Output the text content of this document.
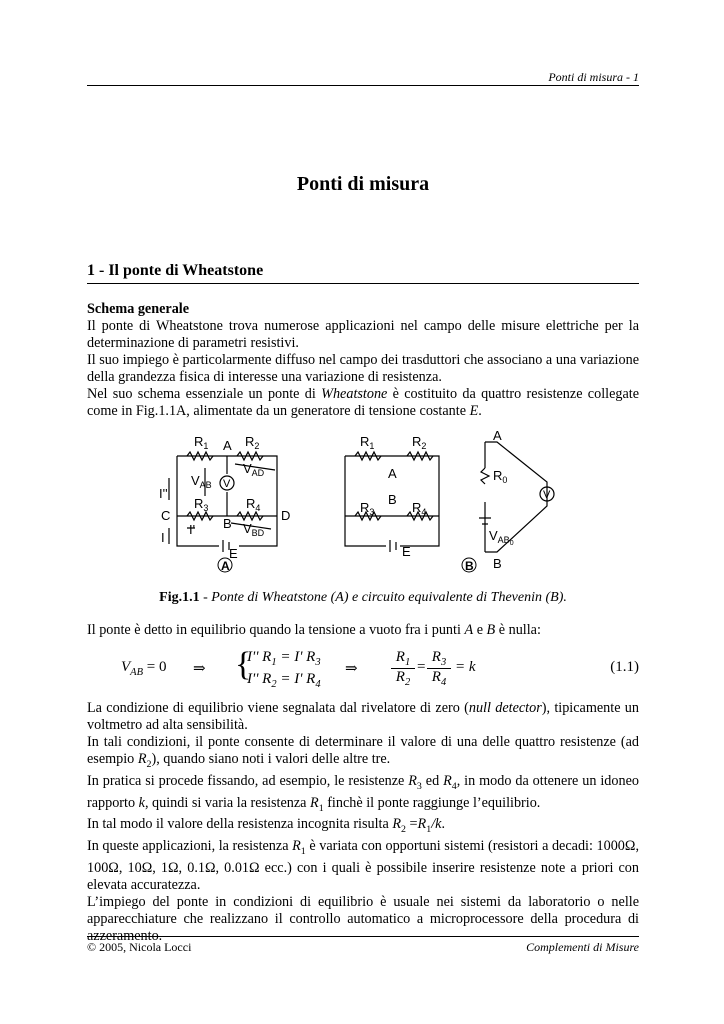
Ponti di misura - 1
Ponti di misura
1 - Il ponte di Wheatstone
Schema generale
Il ponte di Wheatstone trova numerose applicazioni nel campo delle misure elettriche per la determinazione di parametri resistivi.
Il suo impiego è particolarmente diffuso nel campo dei trasduttori che associano a una variazione della grandezza fisica di interesse una variazione di resistenza.
Nel suo schema essenziale un ponte di Wheatstone è costituito da quattro resistenze collegate come in Fig.1.1A, alimentate da un generatore di tensione costante E.
$R_1$ A $R_2$
$R_3$	$R_4$
B
C	D
E
$V_{AB}$
$V_{AD}$
$V_{BD}$
I''
I'
I
V
A
$R_1$	$R_2$
A
B
$R_3$	$R_4$
E
A
B
$R_0$
V
$V_{AB}0$
B
Fig.1.1 - Ponte di Wheatstone (A) e circuito equivalente di Thevenin (B).
Il ponte è detto in equilibrio quando la tensione a vuoto fra i punti A e B è nulla:
$V_{AB} = 0$ ⇒ {
I'' $R_1 = I'$ $R_3$
I'' $R_2 = I'$ $R_4$
⇒
$R_1$
$R_2$
=
$R_3$
$R_4$
= k	(1.1)
La condizione di equilibrio viene segnalata dal rivelatore di zero (null detector), tipicamente un voltmetro ad alta sensibilità.
In tali condizioni, il ponte consente di determinare il valore di una delle quattro resistenze (ad esempio $R_2$), quando siano noti i valori delle altre tre.
In pratica si procede fissando, ad esempio, le resistenze $R_3$ ed $R_4$, in modo da ottenere un idoneo rapporto k, quindi si varia la resistenza $R_1$ finchè il ponte raggiunge l’equilibrio.
In tal modo il valore della resistenza incognita risulta $R_2 =R_1/k$.
In queste applicazioni, la resistenza $R_1$ è variata con opportuni sistemi (resistori a decadi: 1000Ω, 100Ω, 10Ω, 1Ω, 0.1Ω, 0.01Ω ecc.) con i quali è possibile inserire resistenze note a priori con elevata accuratezza.
L’impiego del ponte in condizioni di equilibrio è usuale nei sistemi da laboratorio o nelle apparecchiature che realizzano il controllo automatico a microprocessore della procedura di azzeramento.
© 2005, Nicola Locci	Complementi di Misure
